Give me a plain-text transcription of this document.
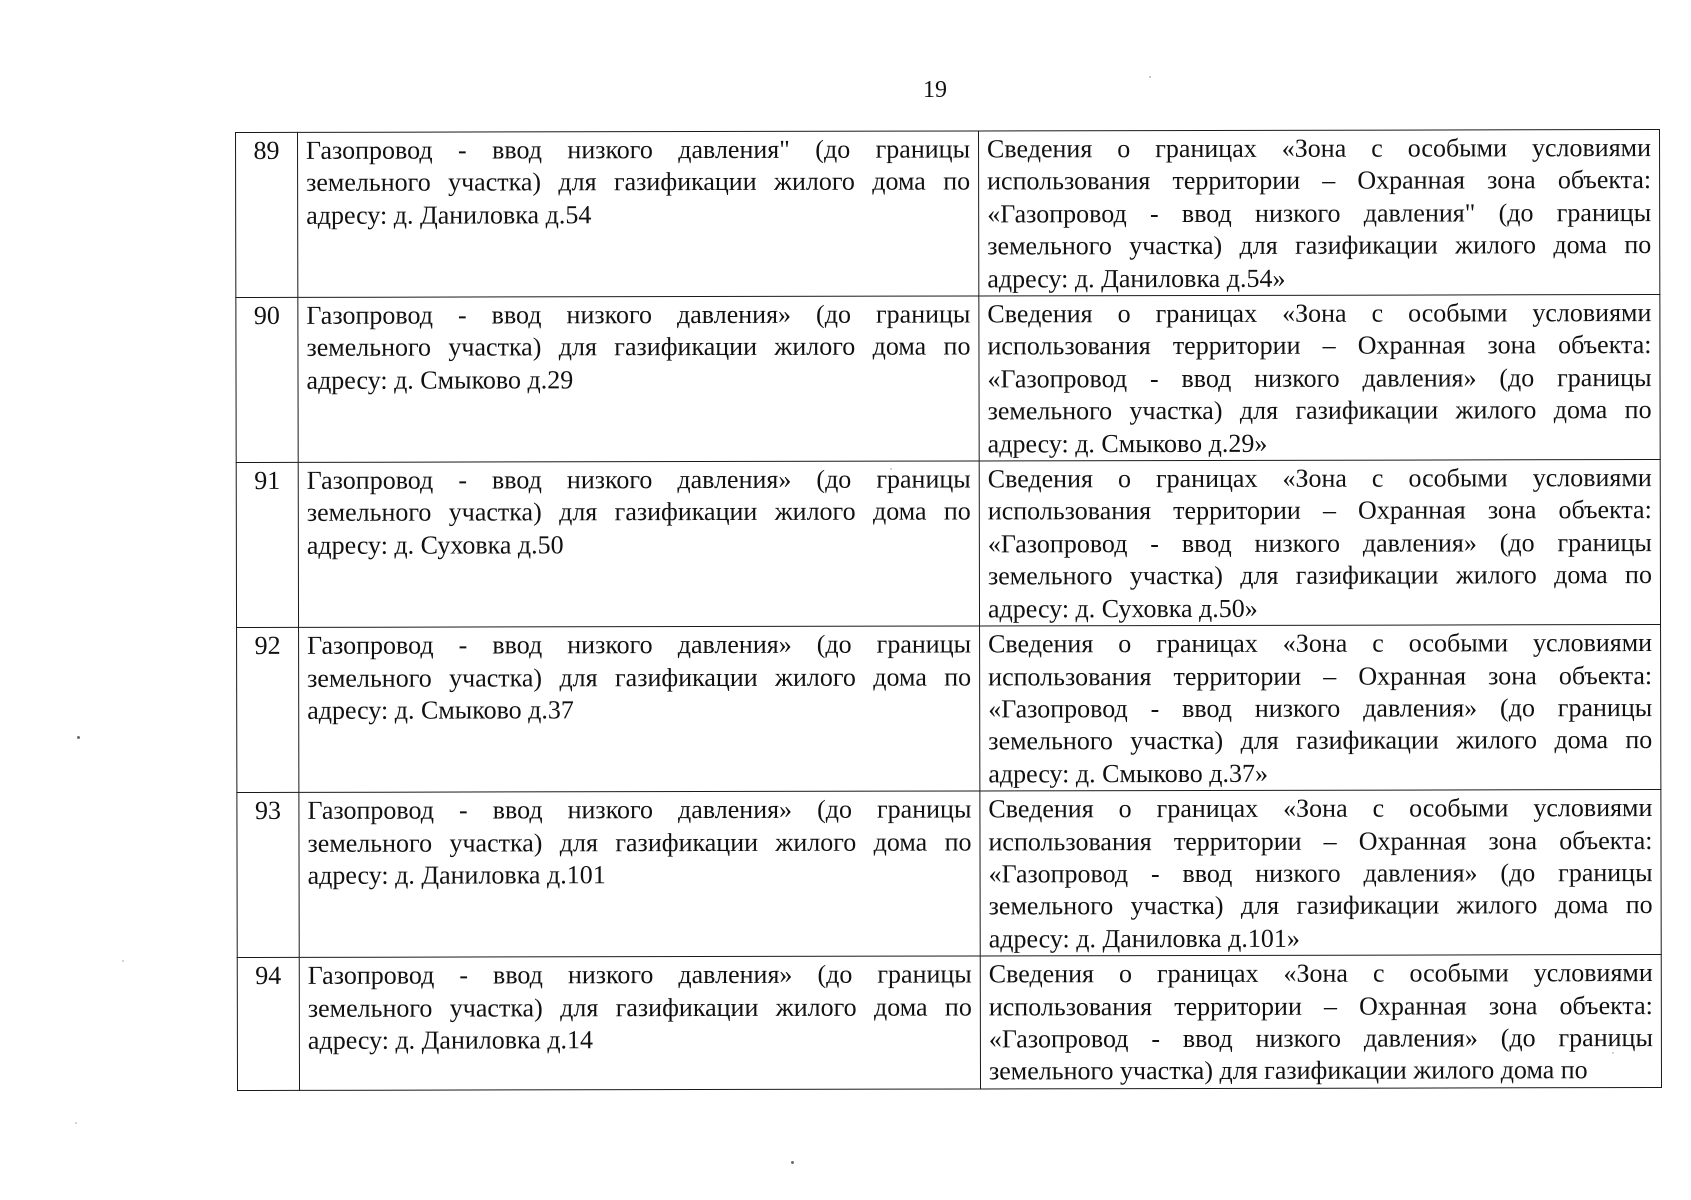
19
89	Газопровод - ввод низкого давления" (до границы земельного участка) для газификации жилого дома по адресу: д. Даниловка д.54	Сведения о границах «Зона с особыми условиями использования территории – Охранная зона объекта: «Газопровод - ввод низкого давления" (до границы земельного участка) для газификации жилого дома по адресу: д. Даниловка д.54»
90	Газопровод - ввод низкого давления» (до границы земельного участка) для газификации жилого дома по адресу: д. Смыково д.29	Сведения о границах «Зона с особыми условиями использования территории – Охранная зона объекта: «Газопровод - ввод низкого давления» (до границы земельного участка) для газификации жилого дома по адресу: д. Смыково д.29»
91	Газопровод - ввод низкого давления» (до границы земельного участка) для газификации жилого дома по адресу: д. Суховка д.50	Сведения о границах «Зона с особыми условиями использования территории – Охранная зона объекта: «Газопровод - ввод низкого давления» (до границы земельного участка) для газификации жилого дома по адресу: д. Суховка д.50»
92	Газопровод - ввод низкого давления» (до границы земельного участка) для газификации жилого дома по адресу: д. Смыково д.37	Сведения о границах «Зона с особыми условиями использования территории – Охранная зона объекта: «Газопровод - ввод низкого давления» (до границы земельного участка) для газификации жилого дома по адресу: д. Смыково д.37»
93	Газопровод - ввод низкого давления» (до границы земельного участка) для газификации жилого дома по адресу: д. Даниловка д.101	Сведения о границах «Зона с особыми условиями использования территории – Охранная зона объекта: «Газопровод - ввод низкого давления» (до границы земельного участка) для газификации жилого дома по адресу: д. Даниловка д.101»
94	Газопровод - ввод низкого давления» (до границы земельного участка) для газификации жилого дома по адресу: д. Даниловка д.14	Сведения о границах «Зона с особыми условиями использования территории – Охранная зона объекта: «Газопровод - ввод низкого давления» (до границы земельного участка) для газификации жилого дома по
